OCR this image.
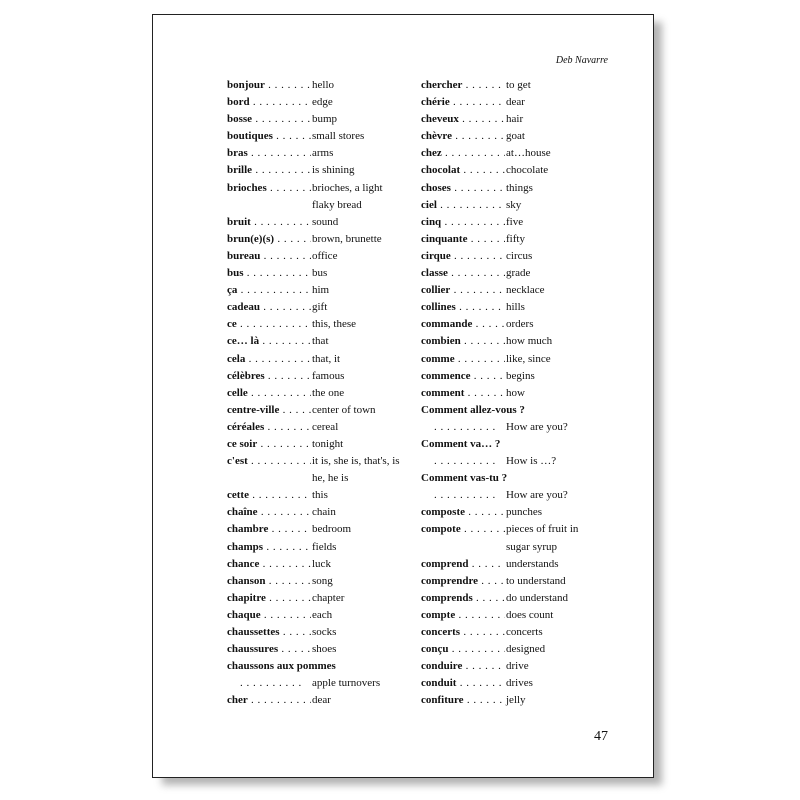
Deb Navarre
bonjour . . .	hello
bord . . .	edge
bosse . . .	bump
boutiques . . .	small stores
bras . . .	arms
brille . . .	is shining
brioches . . .	brioches, a light
flaky bread
bruit . . .	sound
brun(e)(s) . . .	brown, brunette
bureau . . .	office
bus . . .	bus
ça . . .	him
cadeau . . .	gift
ce . . .	this, these
ce… là . . .	that
cela . . .	that, it
célèbres . . .	famous
celle . . .	the one
centre-ville . . .	center of town
céréales . . .	cereal
ce soir . . .	tonight
c'est . . .	it is, she is, that's, is
he, he is
cette . . .	this
chaîne . . .	chain
chambre . . .	bedroom
champs . . .	fields
chance . . .	luck
chanson . . .	song
chapitre . . .	chapter
chaque . . .	each
chaussettes . . .	socks
chaussures . . .	shoes
chaussons aux pommes
. . . . . . . . . . apple turnovers
cher . . .	dear
chercher . . .	to get
chérie . . .	dear
cheveux . . .	hair
chèvre . . .	goat
chez . . .	at…house
chocolat . . .	chocolate
choses . . .	things
ciel . . .	sky
cinq . . .	five
cinquante . . .	fifty
cirque . . .	circus
classe . . .	grade
collier . . .	necklace
collines . . .	hills
commande . . .	orders
combien . . .	how much
comme . . .	like, since
commence . . .	begins
comment . . .	how
Comment allez-vous ?
. . . . . . . . . . How are you?
Comment va… ?
. . . . . . . . . . How is …?
Comment vas-tu ?
. . . . . . . . . . How are you?
composte . . .	punches
compote . . .	pieces of fruit in
sugar syrup
comprend . . .	understands
comprendre . . .	to understand
comprends . . .	do understand
compte . . .	does count
concerts . . .	concerts
conçu . . .	designed
conduire . . .	drive
conduit . . .	drives
confiture . . .	jelly
47
